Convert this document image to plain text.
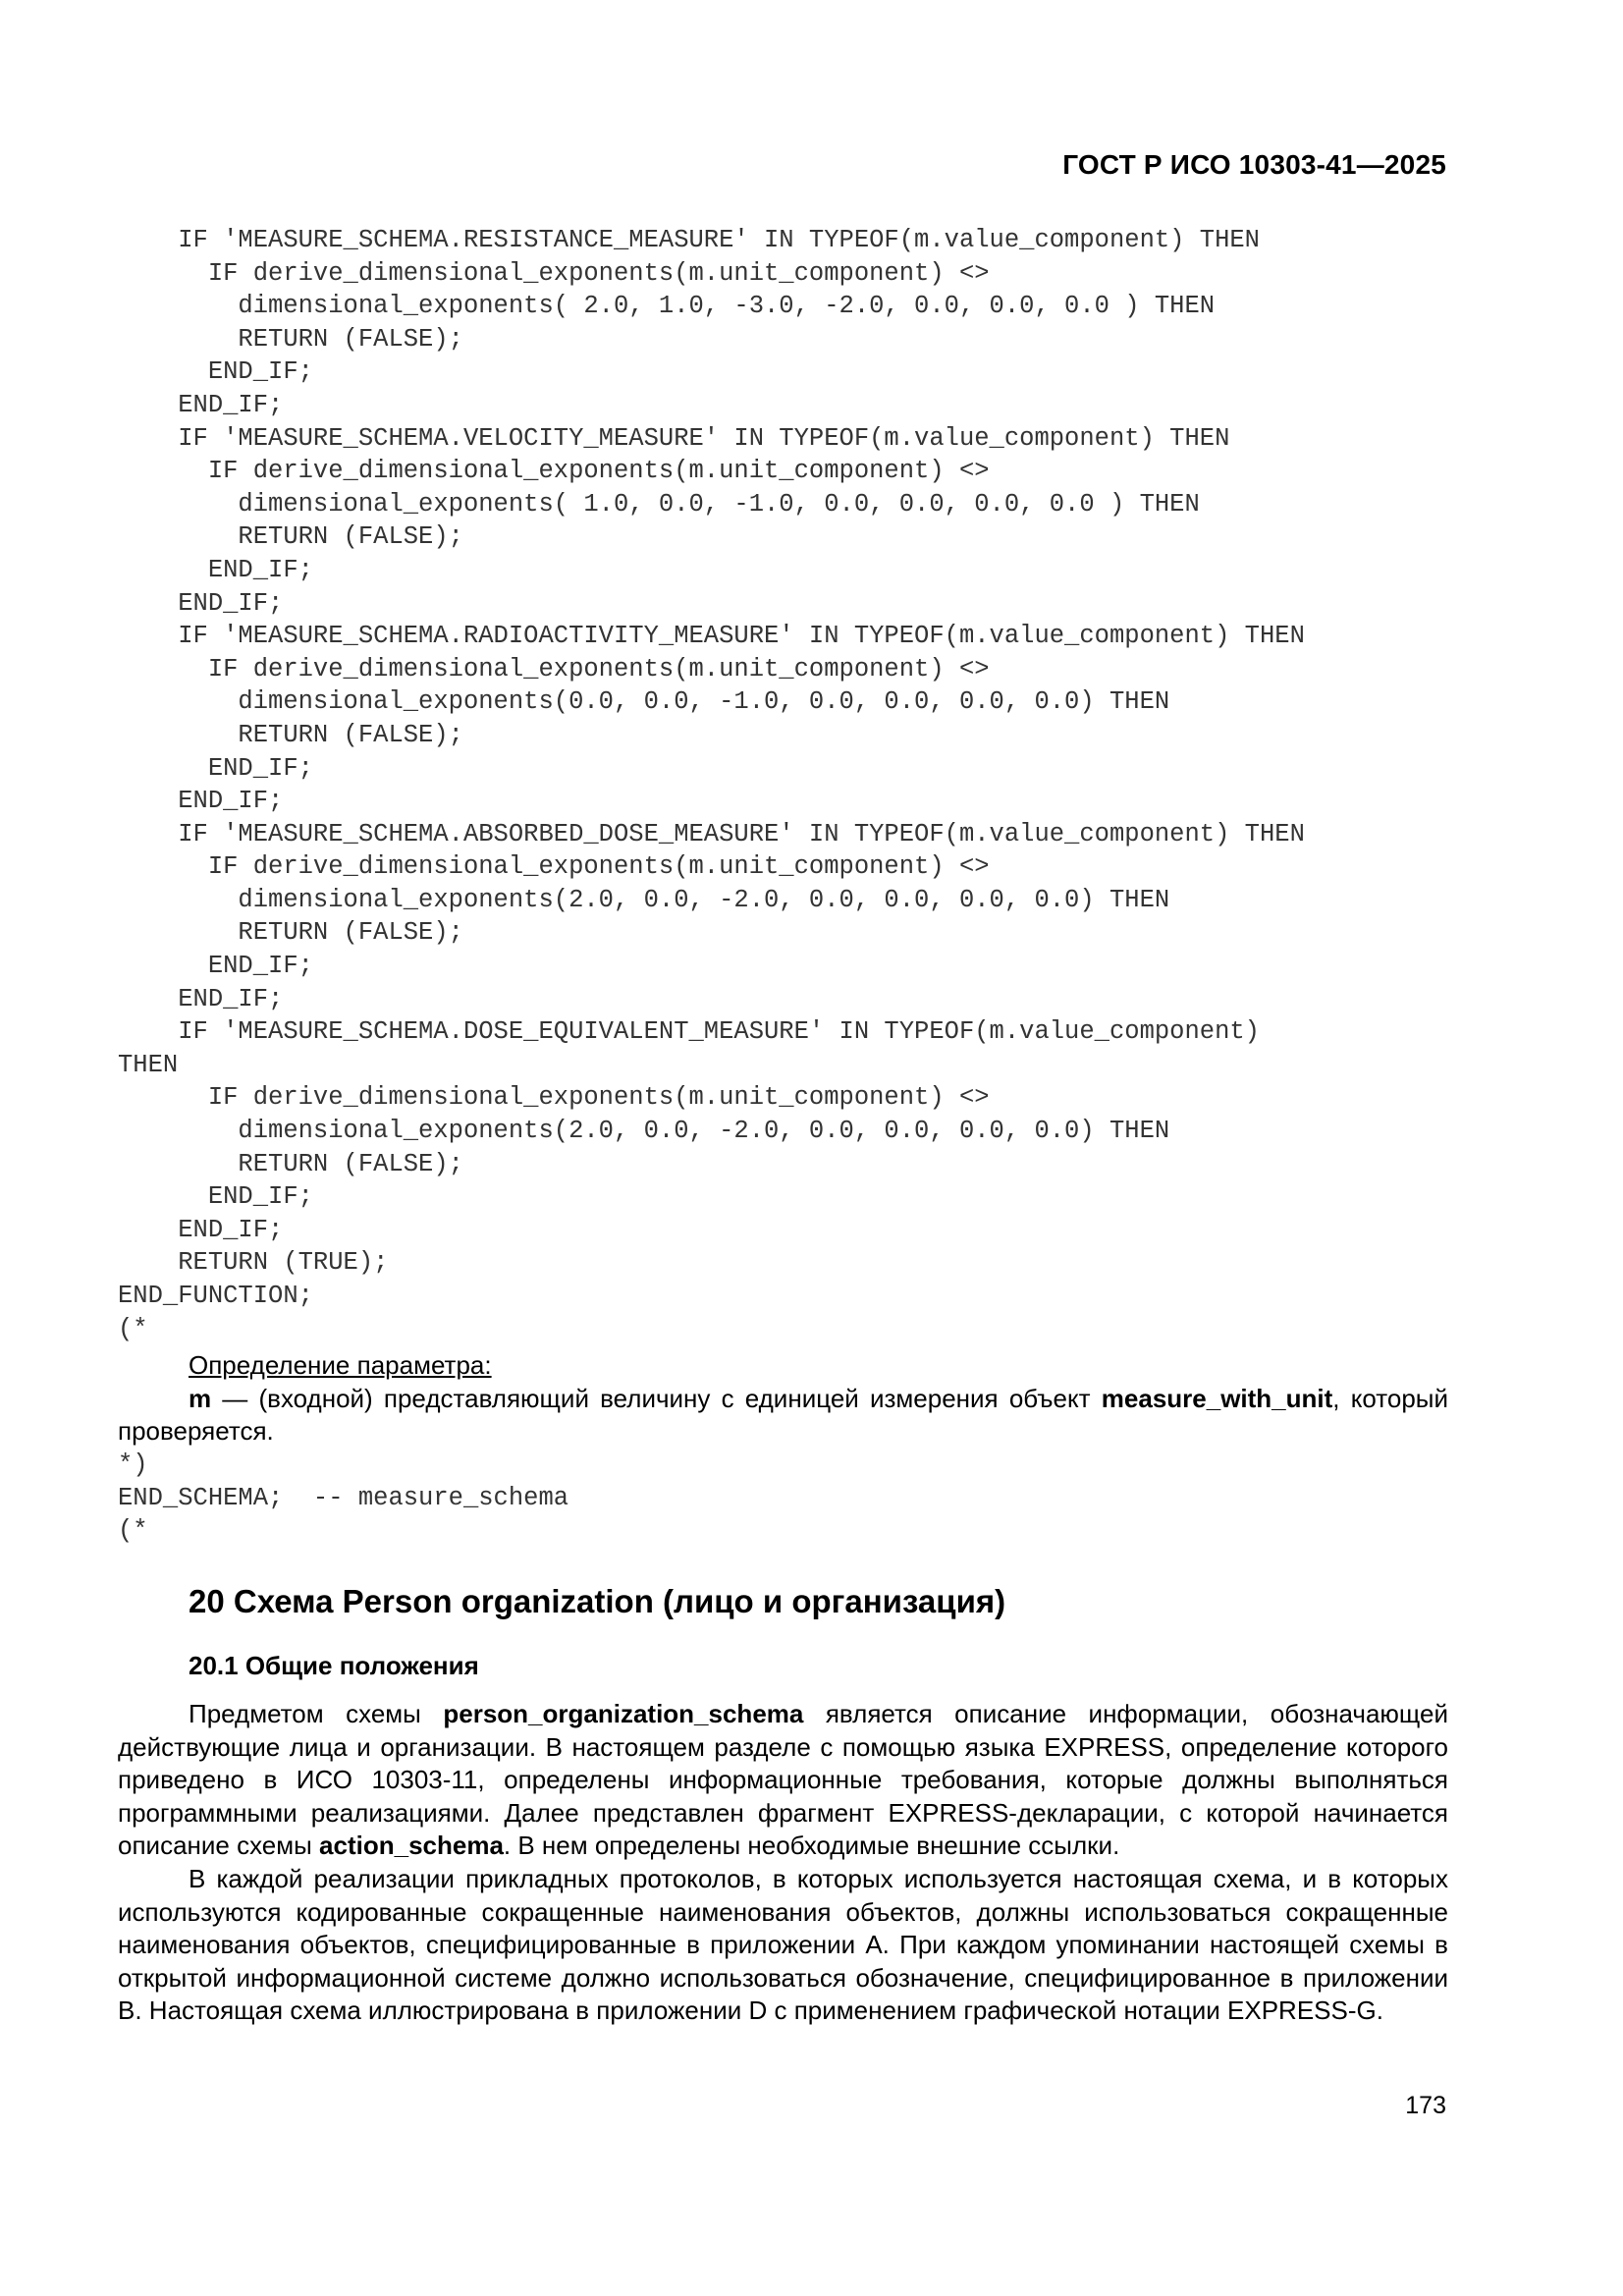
ГОСТ Р ИСО 10303-41—2025
IF 'MEASURE_SCHEMA.RESISTANCE_MEASURE' IN TYPEOF(m.value_component) THEN
IF derive_dimensional_exponents(m.unit_component) <>
dimensional_exponents( 2.0, 1.0, -3.0, -2.0, 0.0, 0.0, 0.0 ) THEN
RETURN (FALSE);
END_IF;
END_IF;
IF 'MEASURE_SCHEMA.VELOCITY_MEASURE' IN TYPEOF(m.value_component) THEN
IF derive_dimensional_exponents(m.unit_component) <>
dimensional_exponents( 1.0, 0.0, -1.0, 0.0, 0.0, 0.0, 0.0 ) THEN
RETURN (FALSE);
END_IF;
END_IF;
IF 'MEASURE_SCHEMA.RADIOACTIVITY_MEASURE' IN TYPEOF(m.value_component) THEN
IF derive_dimensional_exponents(m.unit_component) <>
dimensional_exponents(0.0, 0.0, -1.0, 0.0, 0.0, 0.0, 0.0) THEN
RETURN (FALSE);
END_IF;
END_IF;
IF 'MEASURE_SCHEMA.ABSORBED_DOSE_MEASURE' IN TYPEOF(m.value_component) THEN
IF derive_dimensional_exponents(m.unit_component) <>
dimensional_exponents(2.0, 0.0, -2.0, 0.0, 0.0, 0.0, 0.0) THEN
RETURN (FALSE);
END_IF;
END_IF;
IF 'MEASURE_SCHEMA.DOSE_EQUIVALENT_MEASURE' IN TYPEOF(m.value_component)
THEN
IF derive_dimensional_exponents(m.unit_component) <>
dimensional_exponents(2.0, 0.0, -2.0, 0.0, 0.0, 0.0, 0.0) THEN
RETURN (FALSE);
END_IF;
END_IF;
RETURN (TRUE);
END_FUNCTION;
(*
Определение параметра:
m — (входной) представляющий величину с единицей измерения объект measure_with_unit, который проверяется.
*)
END_SCHEMA;  -- measure_schema
(*
20 Схема Person organization (лицо и организация)
20.1 Общие положения

Предметом схемы person_organization_schema является описание информации, обозначающей действующие лица и организации. В настоящем разделе с помощью языка EXPRESS, определение которого приведено в ИСО 10303-11, определены информационные требования, которые должны выполняться программными реализациями. Далее представлен фрагмент EXPRESS-декларации, с которой начинается описание схемы action_schema. В нем определены необходимые внешние ссылки.

В каждой реализации прикладных протоколов, в которых используется настоящая схема, и в которых используются кодированные сокращенные наименования объектов, должны использоваться сокращенные наименования объектов, специфицированные в приложении A. При каждом упоминании настоящей схемы в открытой информационной системе должно использоваться обозначение, специфицированное в приложении B. Настоящая схема иллюстрирована в приложении D с применением графической нотации EXPRESS-G.

173
